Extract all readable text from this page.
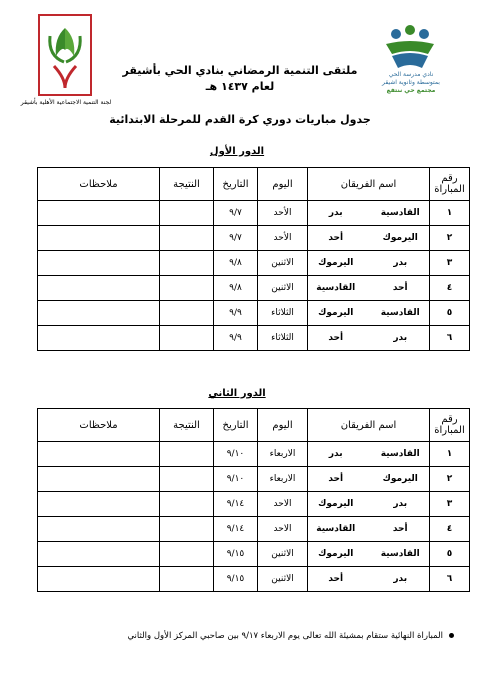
نادي مدرسة الحي
بمتوسطة وثانوية اشيقر
مجتمع حي ننتفع
لجنة التنمية الاجتماعية الأهلية بأشيقر
ملتقى التنمية الرمضاني بنادي الحي بأشيقر
لعام ١٤٣٧ هـ
جدول مباريات دوري كرة القدم للمرحلة الابتدائية
الدور الأول
رقم المباراة	اسم الفريقان			اليوم	التاريخ	النتيجة	ملاحظات
١	القادسية		بدر	الأحد	٩/٧		
٢	اليرموك		أحد	الأحد	٩/٧		
٣	بدر		اليرموك	الاثنين	٩/٨		
٤	أحد		القادسية	الاثنين	٩/٨		
٥	القادسية		اليرموك	الثلاثاء	٩/٩		
٦	بدر		أحد	الثلاثاء	٩/٩		
الدور الثاني
رقم المباراة	اسم الفريقان			اليوم	التاريخ	النتيجة	ملاحظات
١	القادسية		بدر	الاربعاء	٩/١٠		
٢	اليرموك		أحد	الاربعاء	٩/١٠		
٣	بدر		اليرموك	الاحد	٩/١٤		
٤	أحد		القادسية	الاحد	٩/١٤		
٥	القادسية		اليرموك	الاثنين	٩/١٥		
٦	بدر		أحد	الاثنين	٩/١٥		
المباراة النهائية ستقام بمشيئة الله تعالى يوم الاربعاء ٩/١٧ بين صاحبي المركز الأول والثاني
